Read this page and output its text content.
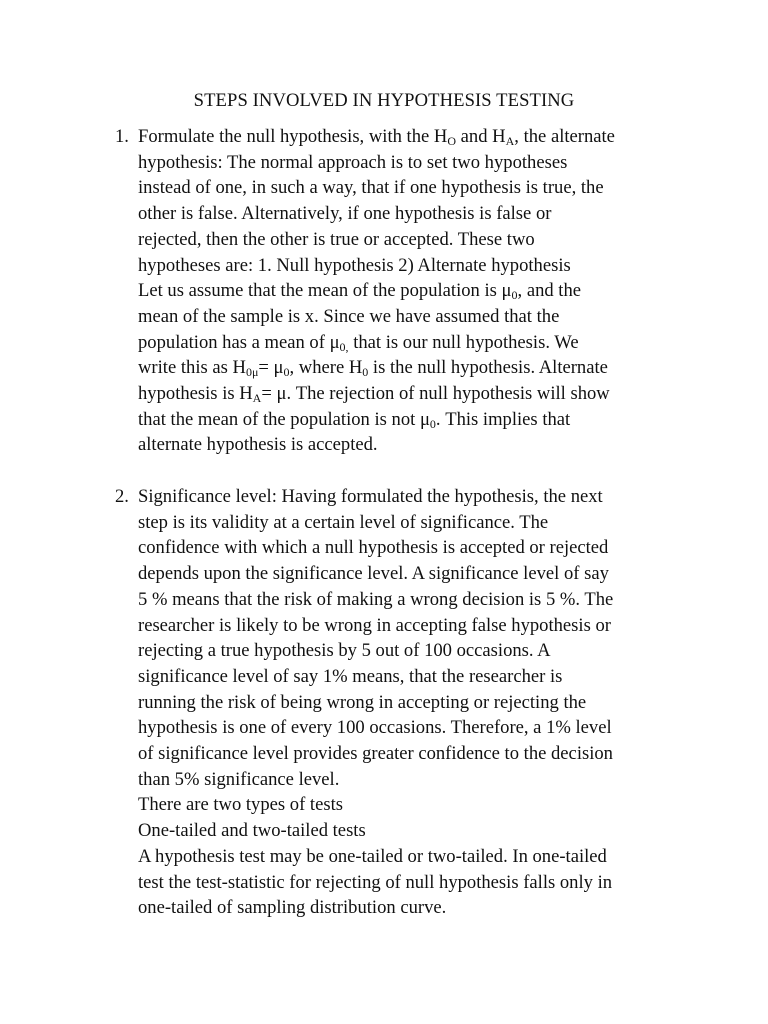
STEPS INVOLVED IN HYPOTHESIS TESTING
1. Formulate the null hypothesis, with the $H_O$ and $H_A$, the alternate
hypothesis: The normal approach is to set two hypotheses
instead of one, in such a way, that if one hypothesis is true, the
other is false. Alternatively, if one hypothesis is false or
rejected, then the other is true or accepted. These two
hypotheses are: 1. Null hypothesis 2) Alternate hypothesis
Let us assume that the mean of the population is $\mu_0$, and the
mean of the sample is x. Since we have assumed that the
population has a mean of $\mu_{0,}$ that is our null hypothesis. We
write this as $H_{0\mu}= \mu_0$, where $H_0$ is the null hypothesis. Alternate
hypothesis is $H_A= \mu$. The rejection of null hypothesis will show
that the mean of the population is not $\mu_0$. This implies that
alternate hypothesis is accepted.
2. Significance level: Having formulated the hypothesis, the next
step is its validity at a certain level of significance. The
confidence with which a null hypothesis is accepted or rejected
depends upon the significance level. A significance level of say
5 % means that the risk of making a wrong decision is 5 %. The
researcher is likely to be wrong in accepting false hypothesis or
rejecting a true hypothesis by 5 out of 100 occasions. A
significance level of say 1% means, that the researcher is
running the risk of being wrong in accepting or rejecting the
hypothesis is one of every 100 occasions. Therefore, a 1% level
of significance level provides greater confidence to the decision
than 5% significance level.
There are two types of tests
One-tailed and two-tailed tests
A hypothesis test may be one-tailed or two-tailed. In one-tailed
test the test-statistic for rejecting of null hypothesis falls only in
one-tailed of sampling distribution curve.
